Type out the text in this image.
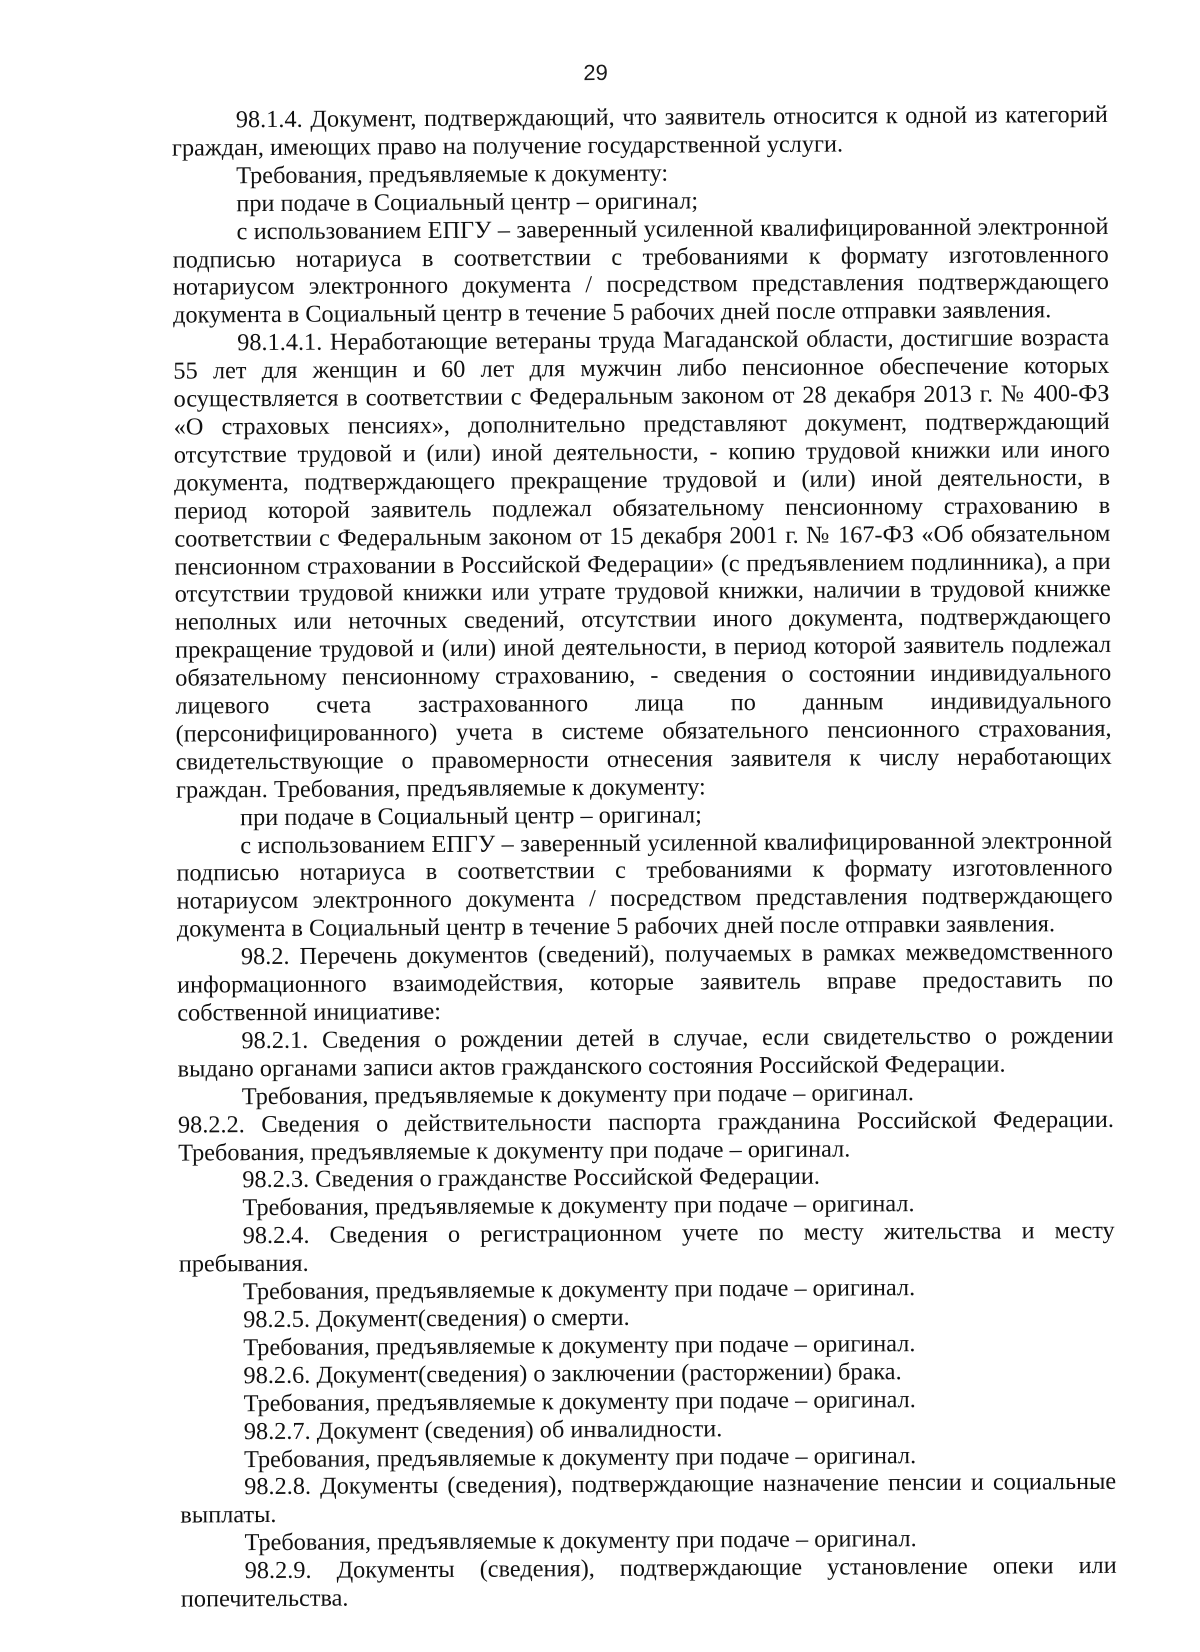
29

98.1.4. Документ, подтверждающий, что заявитель относится к одной из категорий граждан, имеющих право на получение государственной услуги.

Требования, предъявляемые к документу:

при подаче в Социальный центр – оригинал;

с использованием ЕПГУ – заверенный усиленной квалифицированной электронной подписью нотариуса в соответствии с требованиями к формату изготовленного нотариусом электронного документа / посредством представления подтверждающего документа в Социальный центр в течение 5 рабочих дней после отправки заявления.

98.1.4.1. Неработающие ветераны труда Магаданской области, достигшие возраста 55 лет для женщин и 60 лет для мужчин либо пенсионное обеспечение которых осуществляется в соответствии с Федеральным законом от 28 декабря 2013 г. № 400-ФЗ «О страховых пенсиях», дополнительно представляют документ, подтверждающий отсутствие трудовой и (или) иной деятельности, - копию трудовой книжки или иного документа, подтверждающего прекращение трудовой и (или) иной деятельности, в период которой заявитель подлежал обязательному пенсионному страхованию в соответствии с Федеральным законом от 15 декабря 2001 г. № 167-ФЗ «Об обязательном пенсионном страховании в Российской Федерации» (с предъявлением подлинника), а при отсутствии трудовой книжки или утрате трудовой книжки, наличии в трудовой книжке неполных или неточных сведений, отсутствии иного документа, подтверждающего прекращение трудовой и (или) иной деятельности, в период которой заявитель подлежал обязательному пенсионному страхованию, - сведения о состоянии индивидуального лицевого счета застрахованного лица по данным индивидуального (персонифицированного) учета в системе обязательного пенсионного страхования, свидетельствующие о правомерности отнесения заявителя к числу неработающих граждан. Требования, предъявляемые к документу:

при подаче в Социальный центр – оригинал;

с использованием ЕПГУ – заверенный усиленной квалифицированной электронной подписью нотариуса в соответствии с требованиями к формату изготовленного нотариусом электронного документа / посредством представления подтверждающего документа в Социальный центр в течение 5 рабочих дней после отправки заявления.

98.2. Перечень документов (сведений), получаемых в рамках межведомственного информационного взаимодействия, которые заявитель вправе предоставить по собственной инициативе:

98.2.1. Сведения о рождении детей в случае, если свидетельство о рождении выдано органами записи актов гражданского состояния Российской Федерации.

Требования, предъявляемые к документу при подаче – оригинал.

98.2.2. Сведения о действительности паспорта гражданина Российской Федерации. Требования, предъявляемые к документу при подаче – оригинал.

98.2.3. Сведения о гражданстве Российской Федерации.

Требования, предъявляемые к документу при подаче – оригинал.

98.2.4. Сведения о регистрационном учете по месту жительства и месту пребывания.

Требования, предъявляемые к документу при подаче – оригинал.

98.2.5. Документ(сведения) о смерти.

Требования, предъявляемые к документу при подаче – оригинал.

98.2.6. Документ(сведения) о заключении (расторжении) брака.

Требования, предъявляемые к документу при подаче – оригинал.

98.2.7. Документ (сведения) об инвалидности.

Требования, предъявляемые к документу при подаче – оригинал.

98.2.8. Документы (сведения), подтверждающие назначение пенсии и социальные выплаты.

Требования, предъявляемые к документу при подаче – оригинал.

98.2.9. Документы (сведения), подтверждающие установление опеки или попечительства.
